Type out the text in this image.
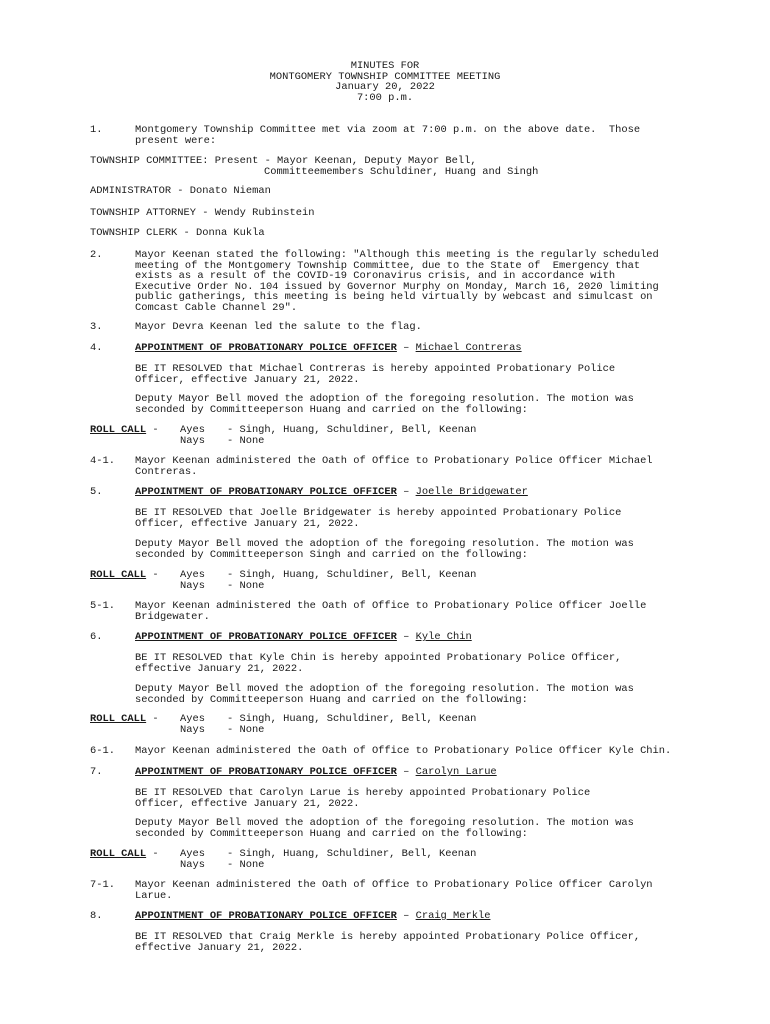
MINUTES FOR
MONTGOMERY TOWNSHIP COMMITTEE MEETING
January 20, 2022
7:00 p.m.
1.	Montgomery Township Committee met via zoom at 7:00 p.m. on the above date.  Those
present were:
TOWNSHIP COMMITTEE: Present - Mayor Keenan, Deputy Mayor Bell,
Committeemembers Schuldiner, Huang and Singh
ADMINISTRATOR - Donato Nieman
TOWNSHIP ATTORNEY - Wendy Rubinstein
TOWNSHIP CLERK - Donna Kukla
2.	Mayor Keenan stated the following: "Although this meeting is the regularly scheduled
meeting of the Montgomery Township Committee, due to the State of  Emergency that
exists as a result of the COVID-19 Coronavirus crisis, and in accordance with
Executive Order No. 104 issued by Governor Murphy on Monday, March 16, 2020 limiting
public gatherings, this meeting is being held virtually by webcast and simulcast on
Comcast Cable Channel 29".
3.	Mayor Devra Keenan led the salute to the flag.
4.	APPOINTMENT OF PROBATIONARY POLICE OFFICER – Michael Contreras
BE IT RESOLVED that Michael Contreras is hereby appointed Probationary Police
Officer, effective January 21, 2022.
Deputy Mayor Bell moved the adoption of the foregoing resolution. The motion was
seconded by Committeeperson Huang and carried on the following:
ROLL CALL - Ayes - Singh, Huang, Schuldiner, Bell, Keenan
Nays - None
4-1. Mayor Keenan administered the Oath of Office to Probationary Police Officer Michael
Contreras.
5.	APPOINTMENT OF PROBATIONARY POLICE OFFICER – Joelle Bridgewater
BE IT RESOLVED that Joelle Bridgewater is hereby appointed Probationary Police
Officer, effective January 21, 2022.
Deputy Mayor Bell moved the adoption of the foregoing resolution. The motion was
seconded by Committeeperson Singh and carried on the following:
ROLL CALL - Ayes - Singh, Huang, Schuldiner, Bell, Keenan
Nays - None
5-1. Mayor Keenan administered the Oath of Office to Probationary Police Officer Joelle
Bridgewater.
6.	APPOINTMENT OF PROBATIONARY POLICE OFFICER – Kyle Chin
BE IT RESOLVED that Kyle Chin is hereby appointed Probationary Police Officer,
effective January 21, 2022.
Deputy Mayor Bell moved the adoption of the foregoing resolution. The motion was
seconded by Committeeperson Huang and carried on the following:
ROLL CALL - Ayes - Singh, Huang, Schuldiner, Bell, Keenan
Nays - None
6-1. Mayor Keenan administered the Oath of Office to Probationary Police Officer Kyle Chin.
7.	APPOINTMENT OF PROBATIONARY POLICE OFFICER – Carolyn Larue
BE IT RESOLVED that Carolyn Larue is hereby appointed Probationary Police
Officer, effective January 21, 2022.
Deputy Mayor Bell moved the adoption of the foregoing resolution. The motion was
seconded by Committeeperson Huang and carried on the following:
ROLL CALL - Ayes - Singh, Huang, Schuldiner, Bell, Keenan
Nays - None
7-1. Mayor Keenan administered the Oath of Office to Probationary Police Officer Carolyn
Larue.
8.	APPOINTMENT OF PROBATIONARY POLICE OFFICER – Craig Merkle
BE IT RESOLVED that Craig Merkle is hereby appointed Probationary Police Officer,
effective January 21, 2022.
